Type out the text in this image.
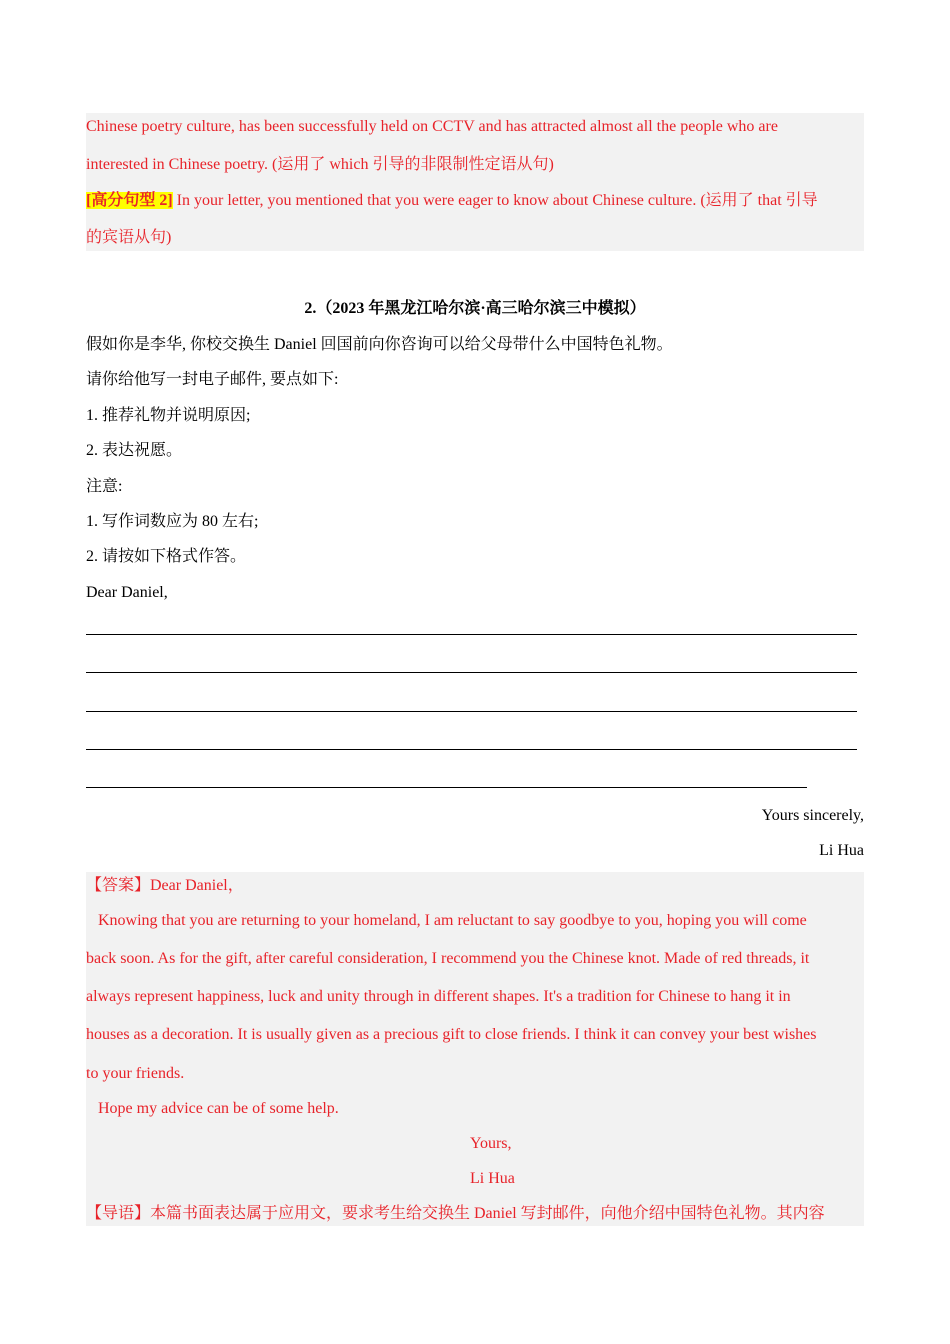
Chinese poetry culture, has been successfully held on CCTV and has attracted almost all the people who are
interested in Chinese poetry. (运用了 which 引导的非限制性定语从句)
[高分句型 2] In your letter, you mentioned that you were eager to know about Chinese culture. (运用了 that 引导
的宾语从句)
2.（2023 年黑龙江哈尔滨·高三哈尔滨三中模拟）
假如你是李华, 你校交换生 Daniel 回国前向你咨询可以给父母带什么中国特色礼物。
请你给他写一封电子邮件, 要点如下:
1. 推荐礼物并说明原因;
2. 表达祝愿。
注意:
1. 写作词数应为 80 左右;
2. 请按如下格式作答。
Dear Daniel,
Yours sincerely,
Li Hua
【答案】Dear Daniel，
Knowing that you are returning to your homeland, I am reluctant to say goodbye to you, hoping you will come
back soon. As for the gift, after careful consideration, I recommend you the Chinese knot. Made of red threads, it
always represent happiness, luck and unity through in different shapes. It's a tradition for Chinese to hang it in
houses as a decoration. It is usually given as a precious gift to close friends. I think it can convey your best wishes
to your friends.
Hope my advice can be of some help.
Yours,
Li Hua
【导语】本篇书面表达属于应用文，要求考生给交换生 Daniel 写封邮件，向他介绍中国特色礼物。其内容
